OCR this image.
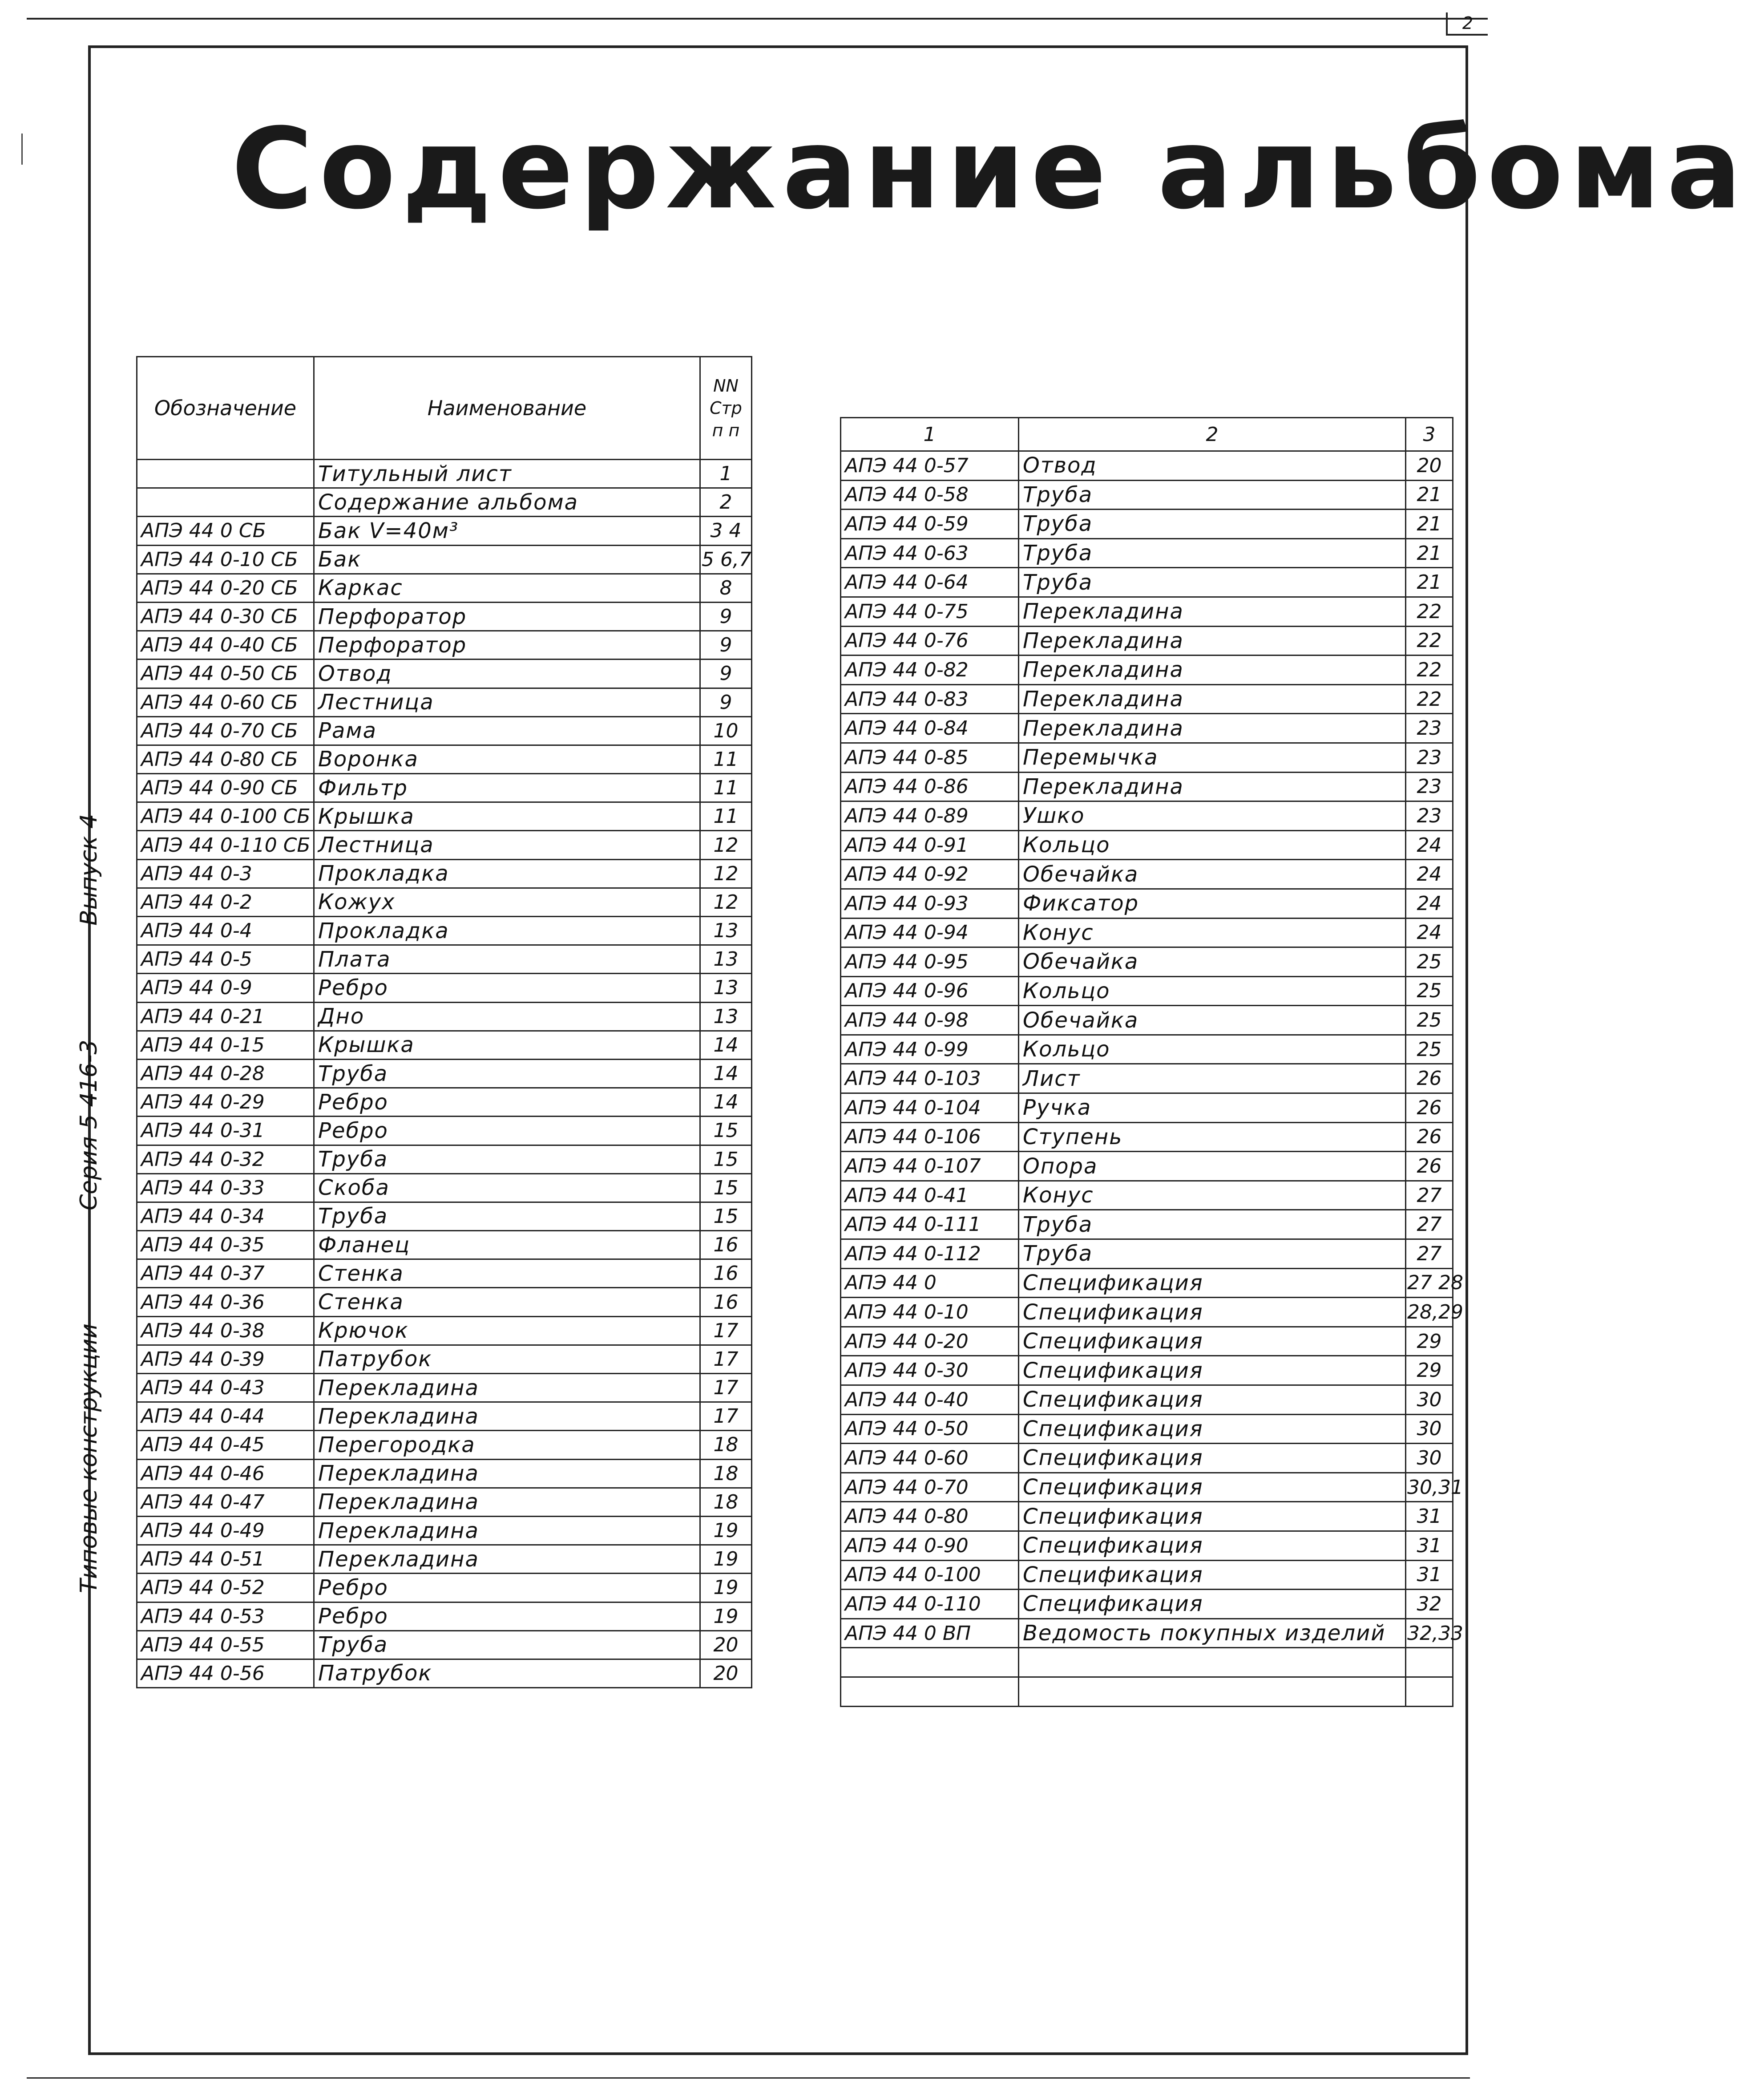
2
Содержание альбома
Типовые конструкции
Серия 5 416-3
Выпуск 4
Обозначение	Наименование	NN Стр п п
	Титульный лист	1
	Содержание альбома	2
АПЭ 44 0 СБ	Бак V=40м³	3 4
АПЭ 44 0-10 СБ	Бак	5 6,7
АПЭ 44 0-20 СБ	Каркас	8
АПЭ 44 0-30 СБ	Перфоратор	9
АПЭ 44 0-40 СБ	Перфоратор	9
АПЭ 44 0-50 СБ	Отвод	9
АПЭ 44 0-60 СБ	Лестница	9
АПЭ 44 0-70 СБ	Рама	10
АПЭ 44 0-80 СБ	Воронка	11
АПЭ 44 0-90 СБ	Фильтр	11
АПЭ 44 0-100 СБ	Крышка	11
АПЭ 44 0-110 СБ	Лестница	12
АПЭ 44 0-3	Прокладка	12
АПЭ 44 0-2	Кожух	12
АПЭ 44 0-4	Прокладка	13
АПЭ 44 0-5	Плата	13
АПЭ 44 0-9	Ребро	13
АПЭ 44 0-21	Дно	13
АПЭ 44 0-15	Крышка	14
АПЭ 44 0-28	Труба	14
АПЭ 44 0-29	Ребро	14
АПЭ 44 0-31	Ребро	15
АПЭ 44 0-32	Труба	15
АПЭ 44 0-33	Скоба	15
АПЭ 44 0-34	Труба	15
АПЭ 44 0-35	Фланец	16
АПЭ 44 0-37	Стенка	16
АПЭ 44 0-36	Стенка	16
АПЭ 44 0-38	Крючок	17
АПЭ 44 0-39	Патрубок	17
АПЭ 44 0-43	Перекладина	17
АПЭ 44 0-44	Перекладина	17
АПЭ 44 0-45	Перегородка	18
АПЭ 44 0-46	Перекладина	18
АПЭ 44 0-47	Перекладина	18
АПЭ 44 0-49	Перекладина	19
АПЭ 44 0-51	Перекладина	19
АПЭ 44 0-52	Ребро	19
АПЭ 44 0-53	Ребро	19
АПЭ 44 0-55	Труба	20
АПЭ 44 0-56	Патрубок	20
1	2	3
АПЭ 44 0-57	Отвод	20
АПЭ 44 0-58	Труба	21
АПЭ 44 0-59	Труба	21
АПЭ 44 0-63	Труба	21
АПЭ 44 0-64	Труба	21
АПЭ 44 0-75	Перекладина	22
АПЭ 44 0-76	Перекладина	22
АПЭ 44 0-82	Перекладина	22
АПЭ 44 0-83	Перекладина	22
АПЭ 44 0-84	Перекладина	23
АПЭ 44 0-85	Перемычка	23
АПЭ 44 0-86	Перекладина	23
АПЭ 44 0-89	Ушко	23
АПЭ 44 0-91	Кольцо	24
АПЭ 44 0-92	Обечайка	24
АПЭ 44 0-93	Фиксатор	24
АПЭ 44 0-94	Конус	24
АПЭ 44 0-95	Обечайка	25
АПЭ 44 0-96	Кольцо	25
АПЭ 44 0-98	Обечайка	25
АПЭ 44 0-99	Кольцо	25
АПЭ 44 0-103	Лист	26
АПЭ 44 0-104	Ручка	26
АПЭ 44 0-106	Ступень	26
АПЭ 44 0-107	Опора	26
АПЭ 44 0-41	Конус	27
АПЭ 44 0-111	Труба	27
АПЭ 44 0-112	Труба	27
АПЭ 44 0	Спецификация	27 28
АПЭ 44 0-10	Спецификация	28,29
АПЭ 44 0-20	Спецификация	29
АПЭ 44 0-30	Спецификация	29
АПЭ 44 0-40	Спецификация	30
АПЭ 44 0-50	Спецификация	30
АПЭ 44 0-60	Спецификация	30
АПЭ 44 0-70	Спецификация	30,31
АПЭ 44 0-80	Спецификация	31
АПЭ 44 0-90	Спецификация	31
АПЭ 44 0-100	Спецификация	31
АПЭ 44 0-110	Спецификация	32
АПЭ 44 0 ВП	Ведомость покупных изделий	32,33
